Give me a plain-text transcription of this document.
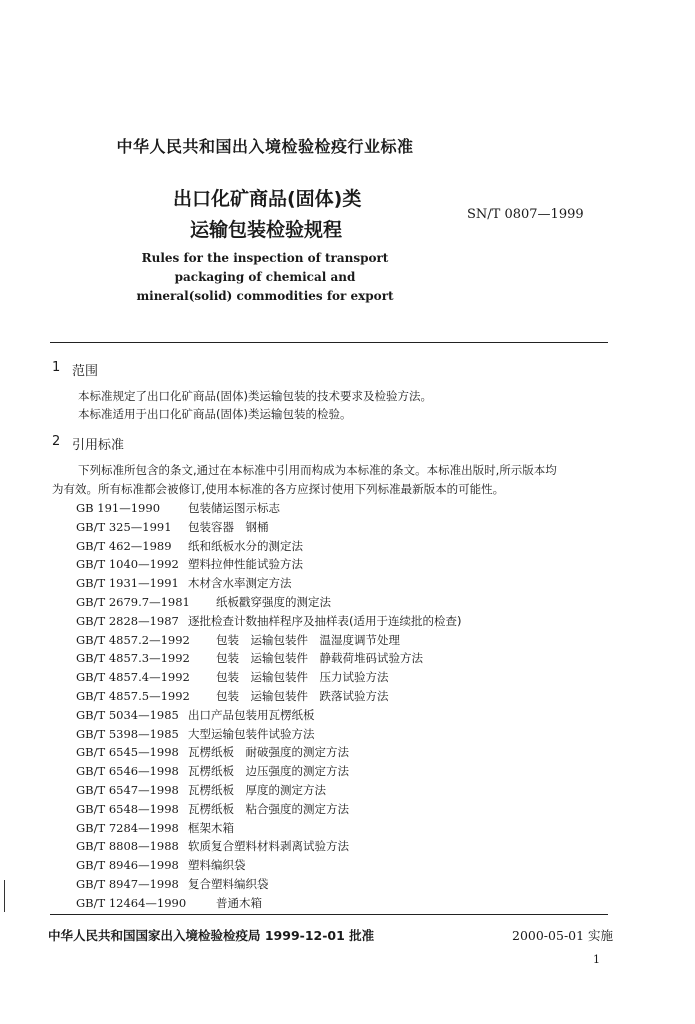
中华人民共和国出入境检验检疫行业标准
出口化矿商品(固体)类
运输包装检验规程
SN/T 0807—1999
Rules for the inspection of transport
packaging of chemical and
mineral(solid) commodities for export
1 范围
本标准规定了出口化矿商品(固体)类运输包装的技术要求及检验方法。
本标准适用于出口化矿商品(固体)类运输包装的检验。
2 引用标准
下列标准所包含的条文,通过在本标准中引用而构成为本标准的条文。本标准出版时,所示版本均
为有效。所有标准都会被修订,使用本标准的各方应探讨使用下列标准最新版本的可能性。
GB 191—1990 包装储运图示标志
GB/T 325—1991 包装容器　钢桶
GB/T 462—1989 纸和纸板水分的测定法
GB/T 1040—1992 塑料拉伸性能试验方法
GB/T 1931—1991 木材含水率测定方法
GB/T 2679.7—1981 纸板戳穿强度的测定法
GB/T 2828—1987 逐批检查计数抽样程序及抽样表(适用于连续批的检查)
GB/T 4857.2—1992 包装　运输包装件　温湿度调节处理
GB/T 4857.3—1992 包装　运输包装件　静载荷堆码试验方法
GB/T 4857.4—1992 包装　运输包装件　压力试验方法
GB/T 4857.5—1992 包装　运输包装件　跌落试验方法
GB/T 5034—1985 出口产品包装用瓦楞纸板
GB/T 5398—1985 大型运输包装件试验方法
GB/T 6545—1998 瓦楞纸板　耐破强度的测定方法
GB/T 6546—1998 瓦楞纸板　边压强度的测定方法
GB/T 6547—1998 瓦楞纸板　厚度的测定方法
GB/T 6548—1998 瓦楞纸板　粘合强度的测定方法
GB/T 7284—1998 框架木箱
GB/T 8808—1988 软质复合塑料材料剥离试验方法
GB/T 8946—1998 塑料编织袋
GB/T 8947—1998 复合塑料编织袋
GB/T 12464—1990	普通木箱
中华人民共和国国家出入境检验检疫局 1999-12-01 批准	2000-05-01 实施
1
